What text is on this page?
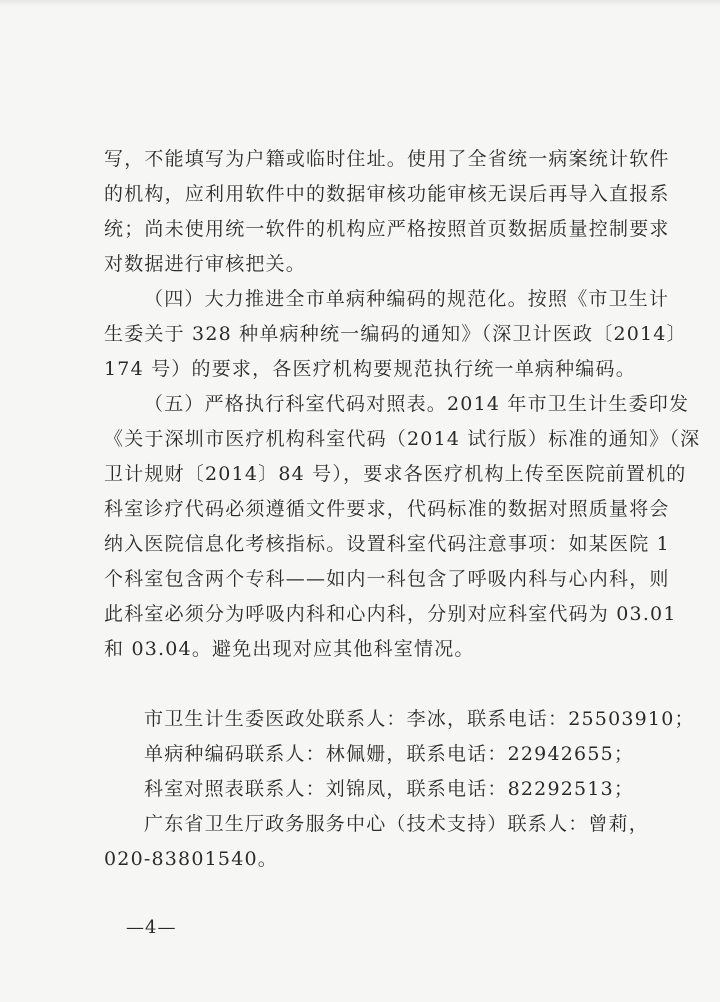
写，不能填写为户籍或临时住址。使用了全省统一病案统计软件
的机构，应利用软件中的数据审核功能审核无误后再导入直报系
统；尚未使用统一软件的机构应严格按照首页数据质量控制要求
对数据进行审核把关。
（四）大力推进全市单病种编码的规范化。按照《市卫生计
生委关于 328 种单病种统一编码的通知》（深卫计医政〔2014〕
174 号）的要求，各医疗机构要规范执行统一单病种编码。
（五）严格执行科室代码对照表。2014 年市卫生计生委印发
《关于深圳市医疗机构科室代码（2014 试行版）标准的通知》（深
卫计规财〔2014〕84 号），要求各医疗机构上传至医院前置机的
科室诊疗代码必须遵循文件要求，代码标准的数据对照质量将会
纳入医院信息化考核指标。设置科室代码注意事项：如某医院 1
个科室包含两个专科——如内一科包含了呼吸内科与心内科，则
此科室必须分为呼吸内科和心内科，分别对应科室代码为 03.01
和 03.04。避免出现对应其他科室情况。
市卫生计生委医政处联系人：李冰，联系电话：25503910；
单病种编码联系人：林佩姗，联系电话：22942655；
科室对照表联系人：刘锦凤，联系电话：82292513；
广东省卫生厅政务服务中心（技术支持）联系人：曾莉，
020-83801540。
—4—
